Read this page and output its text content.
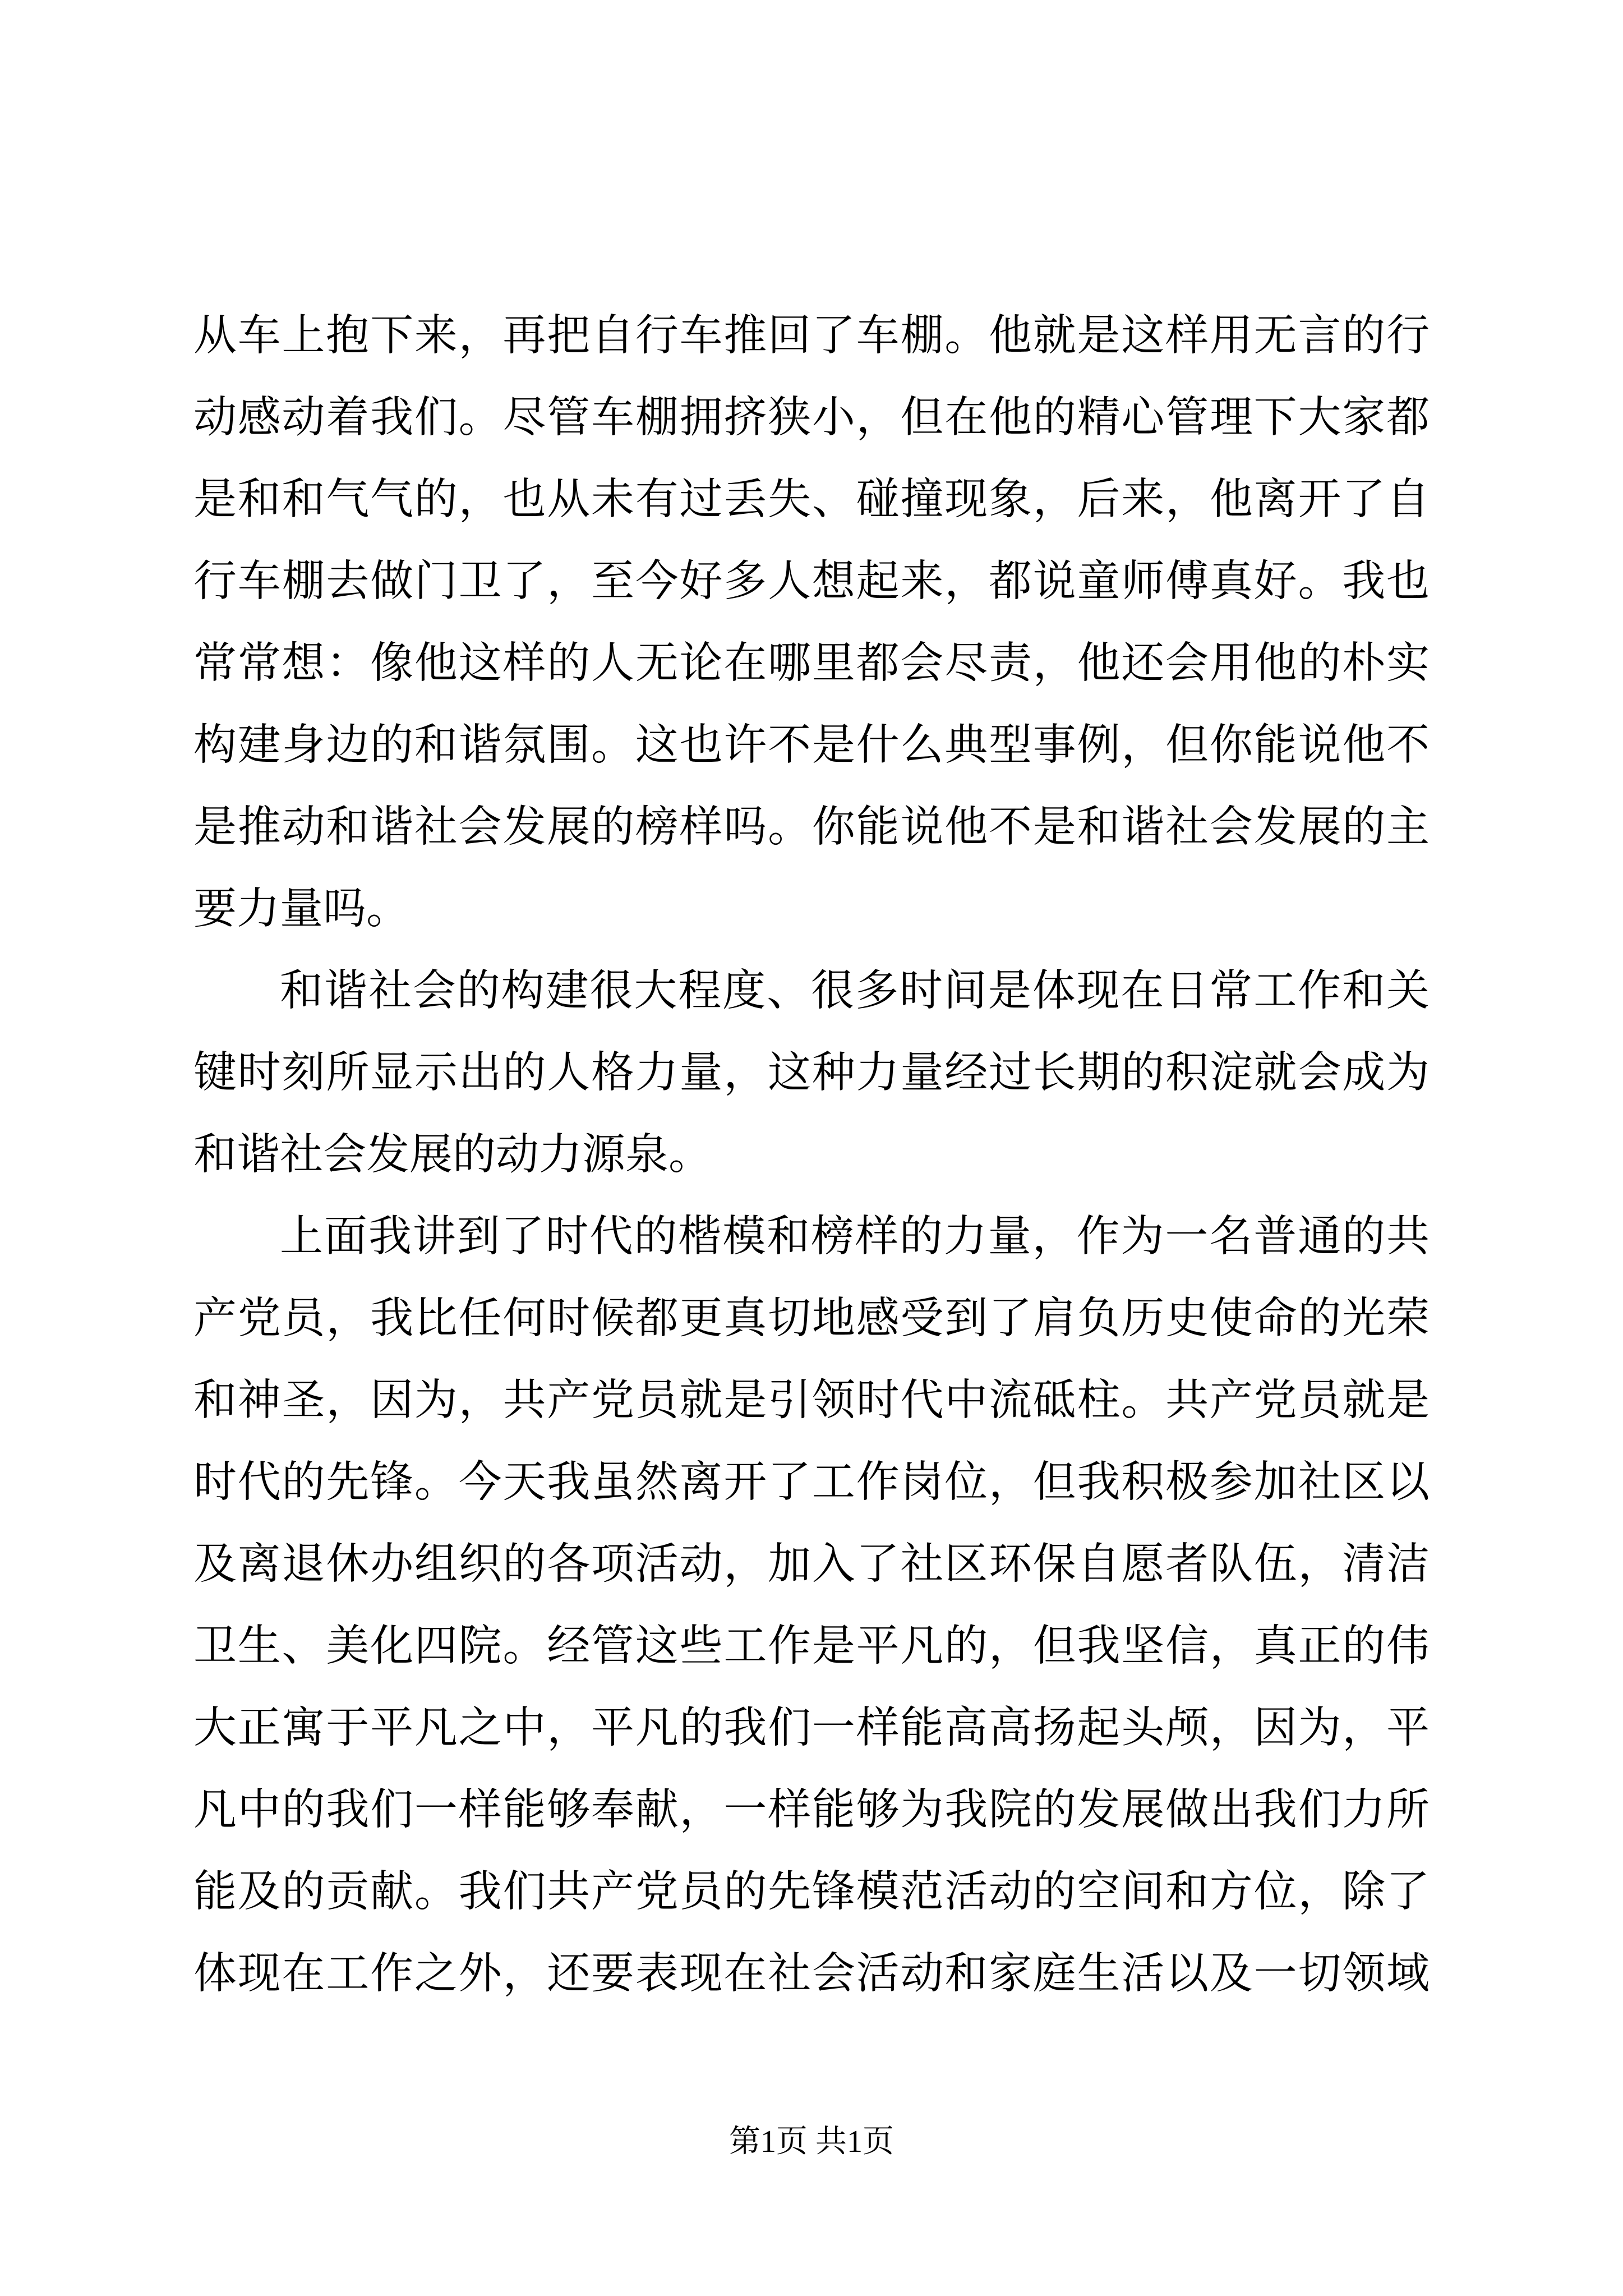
从车上抱下来，再把自行车推回了车棚。他就是这样用无言的行
动感动着我们。尽管车棚拥挤狭小，但在他的精心管理下大家都
是和和气气的，也从未有过丢失、碰撞现象，后来，他离开了自
行车棚去做门卫了，至今好多人想起来，都说童师傅真好。我也
常常想：像他这样的人无论在哪里都会尽责，他还会用他的朴实
构建身边的和谐氛围。这也许不是什么典型事例，但你能说他不
是推动和谐社会发展的榜样吗。你能说他不是和谐社会发展的主
要力量吗。
和谐社会的构建很大程度、很多时间是体现在日常工作和关
键时刻所显示出的人格力量，这种力量经过长期的积淀就会成为
和谐社会发展的动力源泉。
上面我讲到了时代的楷模和榜样的力量，作为一名普通的共
产党员，我比任何时候都更真切地感受到了肩负历史使命的光荣
和神圣，因为，共产党员就是引领时代中流砥柱。共产党员就是
时代的先锋。今天我虽然离开了工作岗位，但我积极参加社区以
及离退休办组织的各项活动，加入了社区环保自愿者队伍，清洁
卫生、美化四院。经管这些工作是平凡的，但我坚信，真正的伟
大正寓于平凡之中，平凡的我们一样能高高扬起头颅，因为，平
凡中的我们一样能够奉献，一样能够为我院的发展做出我们力所
能及的贡献。我们共产党员的先锋模范活动的空间和方位，除了
体现在工作之外，还要表现在社会活动和家庭生活以及一切领域
第1页 共1页
